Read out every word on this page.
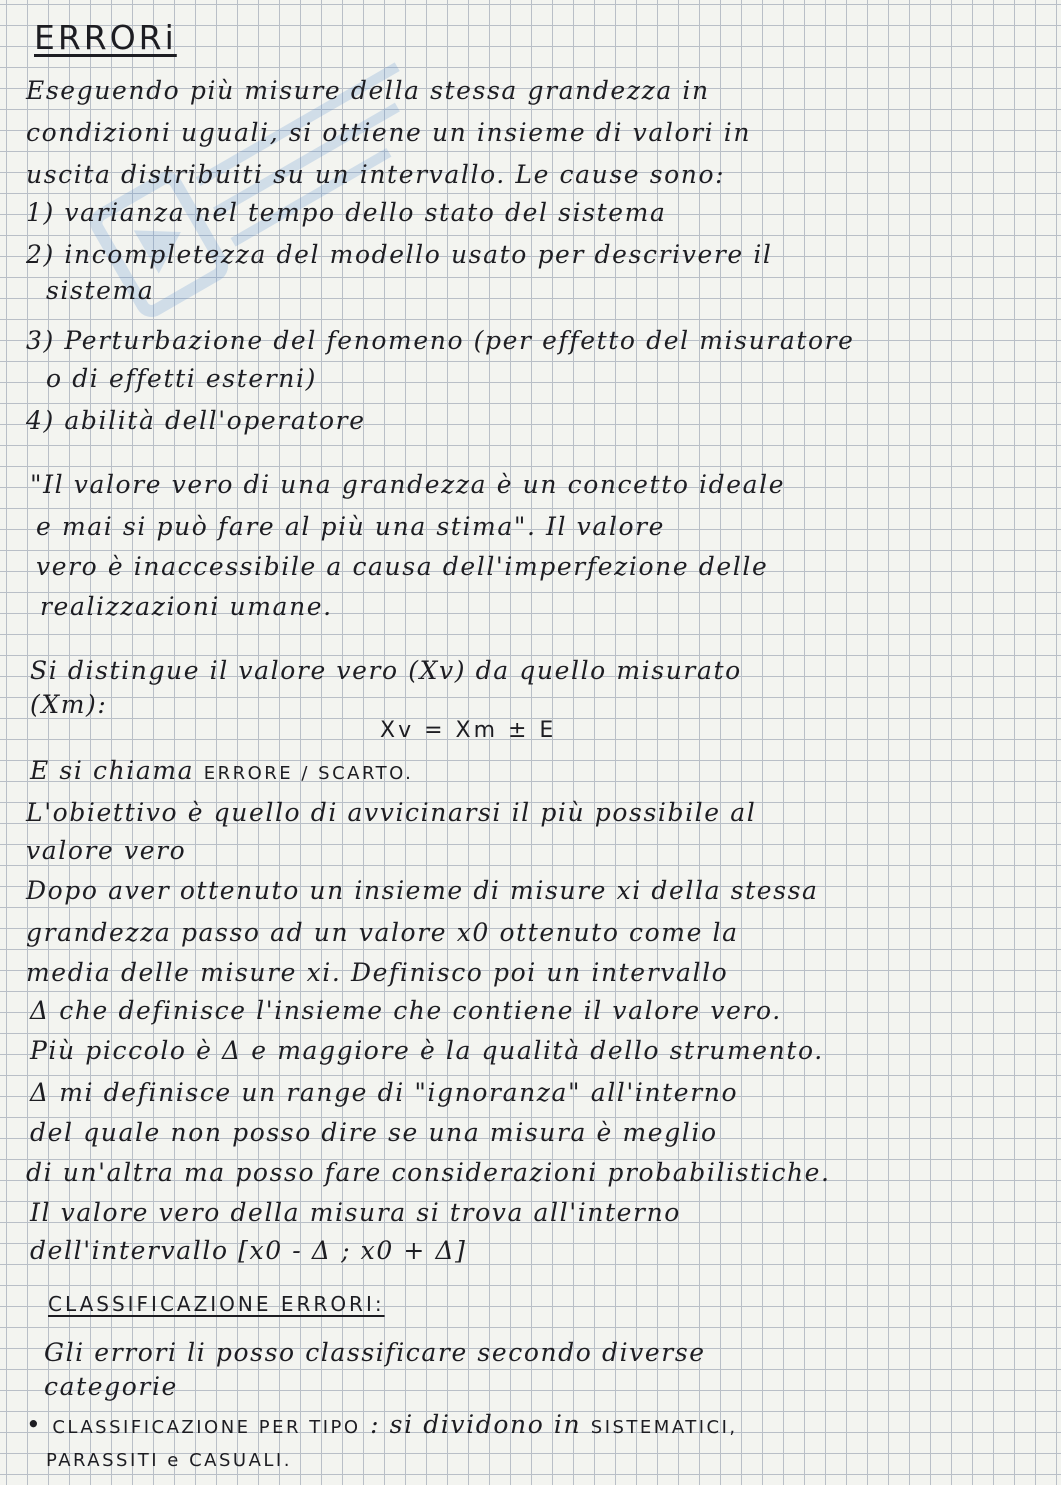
ERRORi
Eseguendo più misure della stessa grandezza in
condizioni uguali, si ottiene un insieme di valori in
uscita distribuiti su un intervallo. Le cause sono:
1) varianza nel tempo dello stato del sistema
2) incompletezza del modello usato per descrivere il
sistema
3) Perturbazione del fenomeno (per effetto del misuratore
o di effetti esterni)
4) abilità dell'operatore
"Il valore vero di una grandezza è un concetto ideale
e mai si può fare al più una stima". Il valore
vero è inaccessibile a causa dell'imperfezione delle
realizzazioni umane.
Si distingue il valore vero (Xv) da quello misurato
(Xm):
Xv = Xm ± E
E si chiama ERRORE / SCARTO.
L'obiettivo è quello di avvicinarsi il più possibile al
valore vero
Dopo aver ottenuto un insieme di misure xi della stessa
grandezza passo ad un valore x0 ottenuto come la
media delle misure xi. Definisco poi un intervallo
Δ che definisce l'insieme che contiene il valore vero.
Più piccolo è Δ e maggiore è la qualità dello strumento.
Δ mi definisce un range di "ignoranza" all'interno
del quale non posso dire se una misura è meglio
di un'altra ma posso fare considerazioni probabilistiche.
Il valore vero della misura si trova all'interno
dell'intervallo [x0 - Δ ; x0 + Δ]
CLASSIFICAZIONE ERRORI:
Gli errori li posso classificare secondo diverse
categorie
• CLASSIFICAZIONE PER TIPO : si dividono in SISTEMATICI,
PARASSITI e CASUALI.
